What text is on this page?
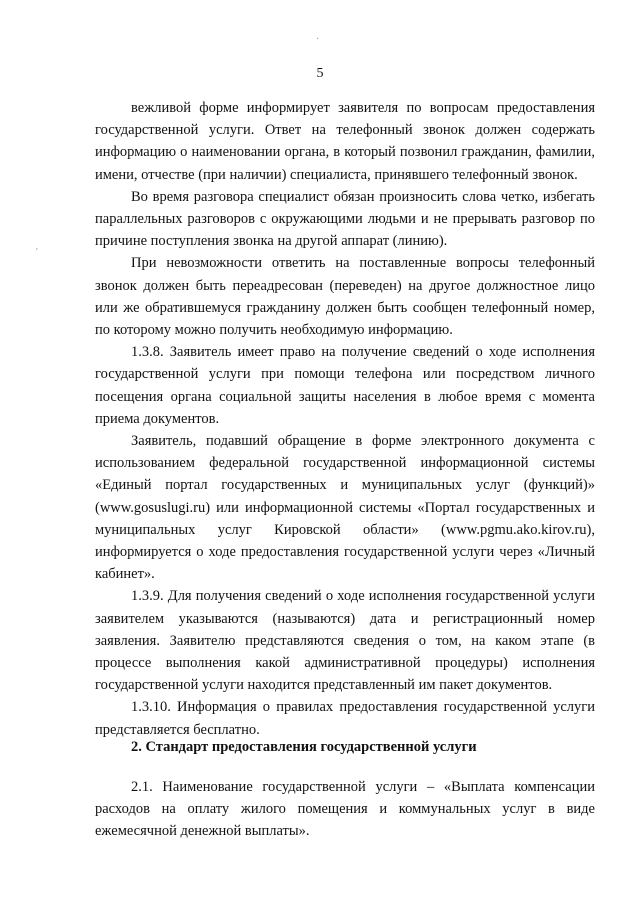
5
'
·

вежливой форме информирует заявителя по вопросам предоставления государственной услуги. Ответ на телефонный звонок должен содержать информацию о наименовании органа, в который позвонил гражданин, фамилии, имени, отчестве (при наличии) специалиста, принявшего телефонный звонок.

Во время разговора специалист обязан произносить слова четко, избегать параллельных разговоров с окружающими людьми и не прерывать разговор по причине поступления звонка на другой аппарат (линию).

При невозможности ответить на поставленные вопросы телефонный звонок должен быть переадресован (переведен) на другое должностное лицо или же обратившемуся гражданину должен быть сообщен телефонный номер, по которому можно получить необходимую информацию.

1.3.8. Заявитель имеет право на получение сведений о ходе исполнения государственной услуги при помощи телефона или посредством личного посещения органа социальной защиты населения в любое время с момента приема документов.

Заявитель, подавший обращение в форме электронного документа с использованием федеральной государственной информационной системы «Единый портал государственных и муниципальных услуг (функций)» (www.gosuslugi.ru) или информационной системы «Портал государственных и муниципальных услуг Кировской области» (www.pgmu.ako.kirov.ru), информируется о ходе предоставления государственной услуги через «Личный кабинет».

1.3.9. Для получения сведений о ходе исполнения государственной услуги заявителем указываются (называются) дата и регистрационный номер заявления. Заявителю представляются сведения о том, на каком этапе (в процессе выполнения какой административной процедуры) исполнения государственной услуги находится представленный им пакет документов.

1.3.10. Информация о правилах предоставления государственной услуги представляется бесплатно.

2. Стандарт предоставления государственной услуги

2.1. Наименование государственной услуги – «Выплата компенсации расходов на оплату жилого помещения и коммунальных услуг в виде ежемесячной денежной выплаты».
